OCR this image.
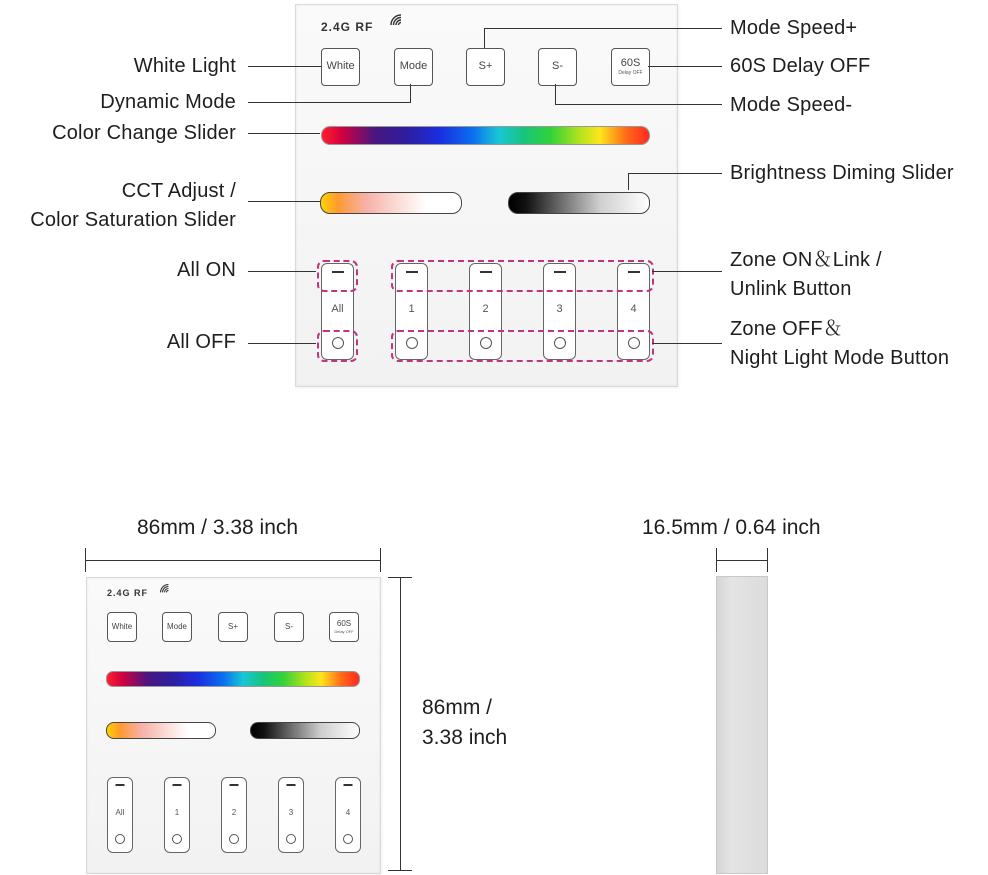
2.4G RF
White	Mode	S+	S-	60S
Delay OFF
All	1	2	3	4
White Light
Dynamic Mode
Color Change Slider
CCT Adjust /
Color Saturation Slider
All ON
All OFF
Mode Speed+
60S Delay OFF
Mode Speed-
Brightness Diming Slider
Zone ON＆Link /
Unlink Button
Zone OFF＆
Night Light Mode Button
86mm / 3.38 inch
86mm /
3.38 inch
16.5mm / 0.64 inch
2.4G RF
White	Mode	S+	S-	60S
Delay OFF
All	1	2	3	4
